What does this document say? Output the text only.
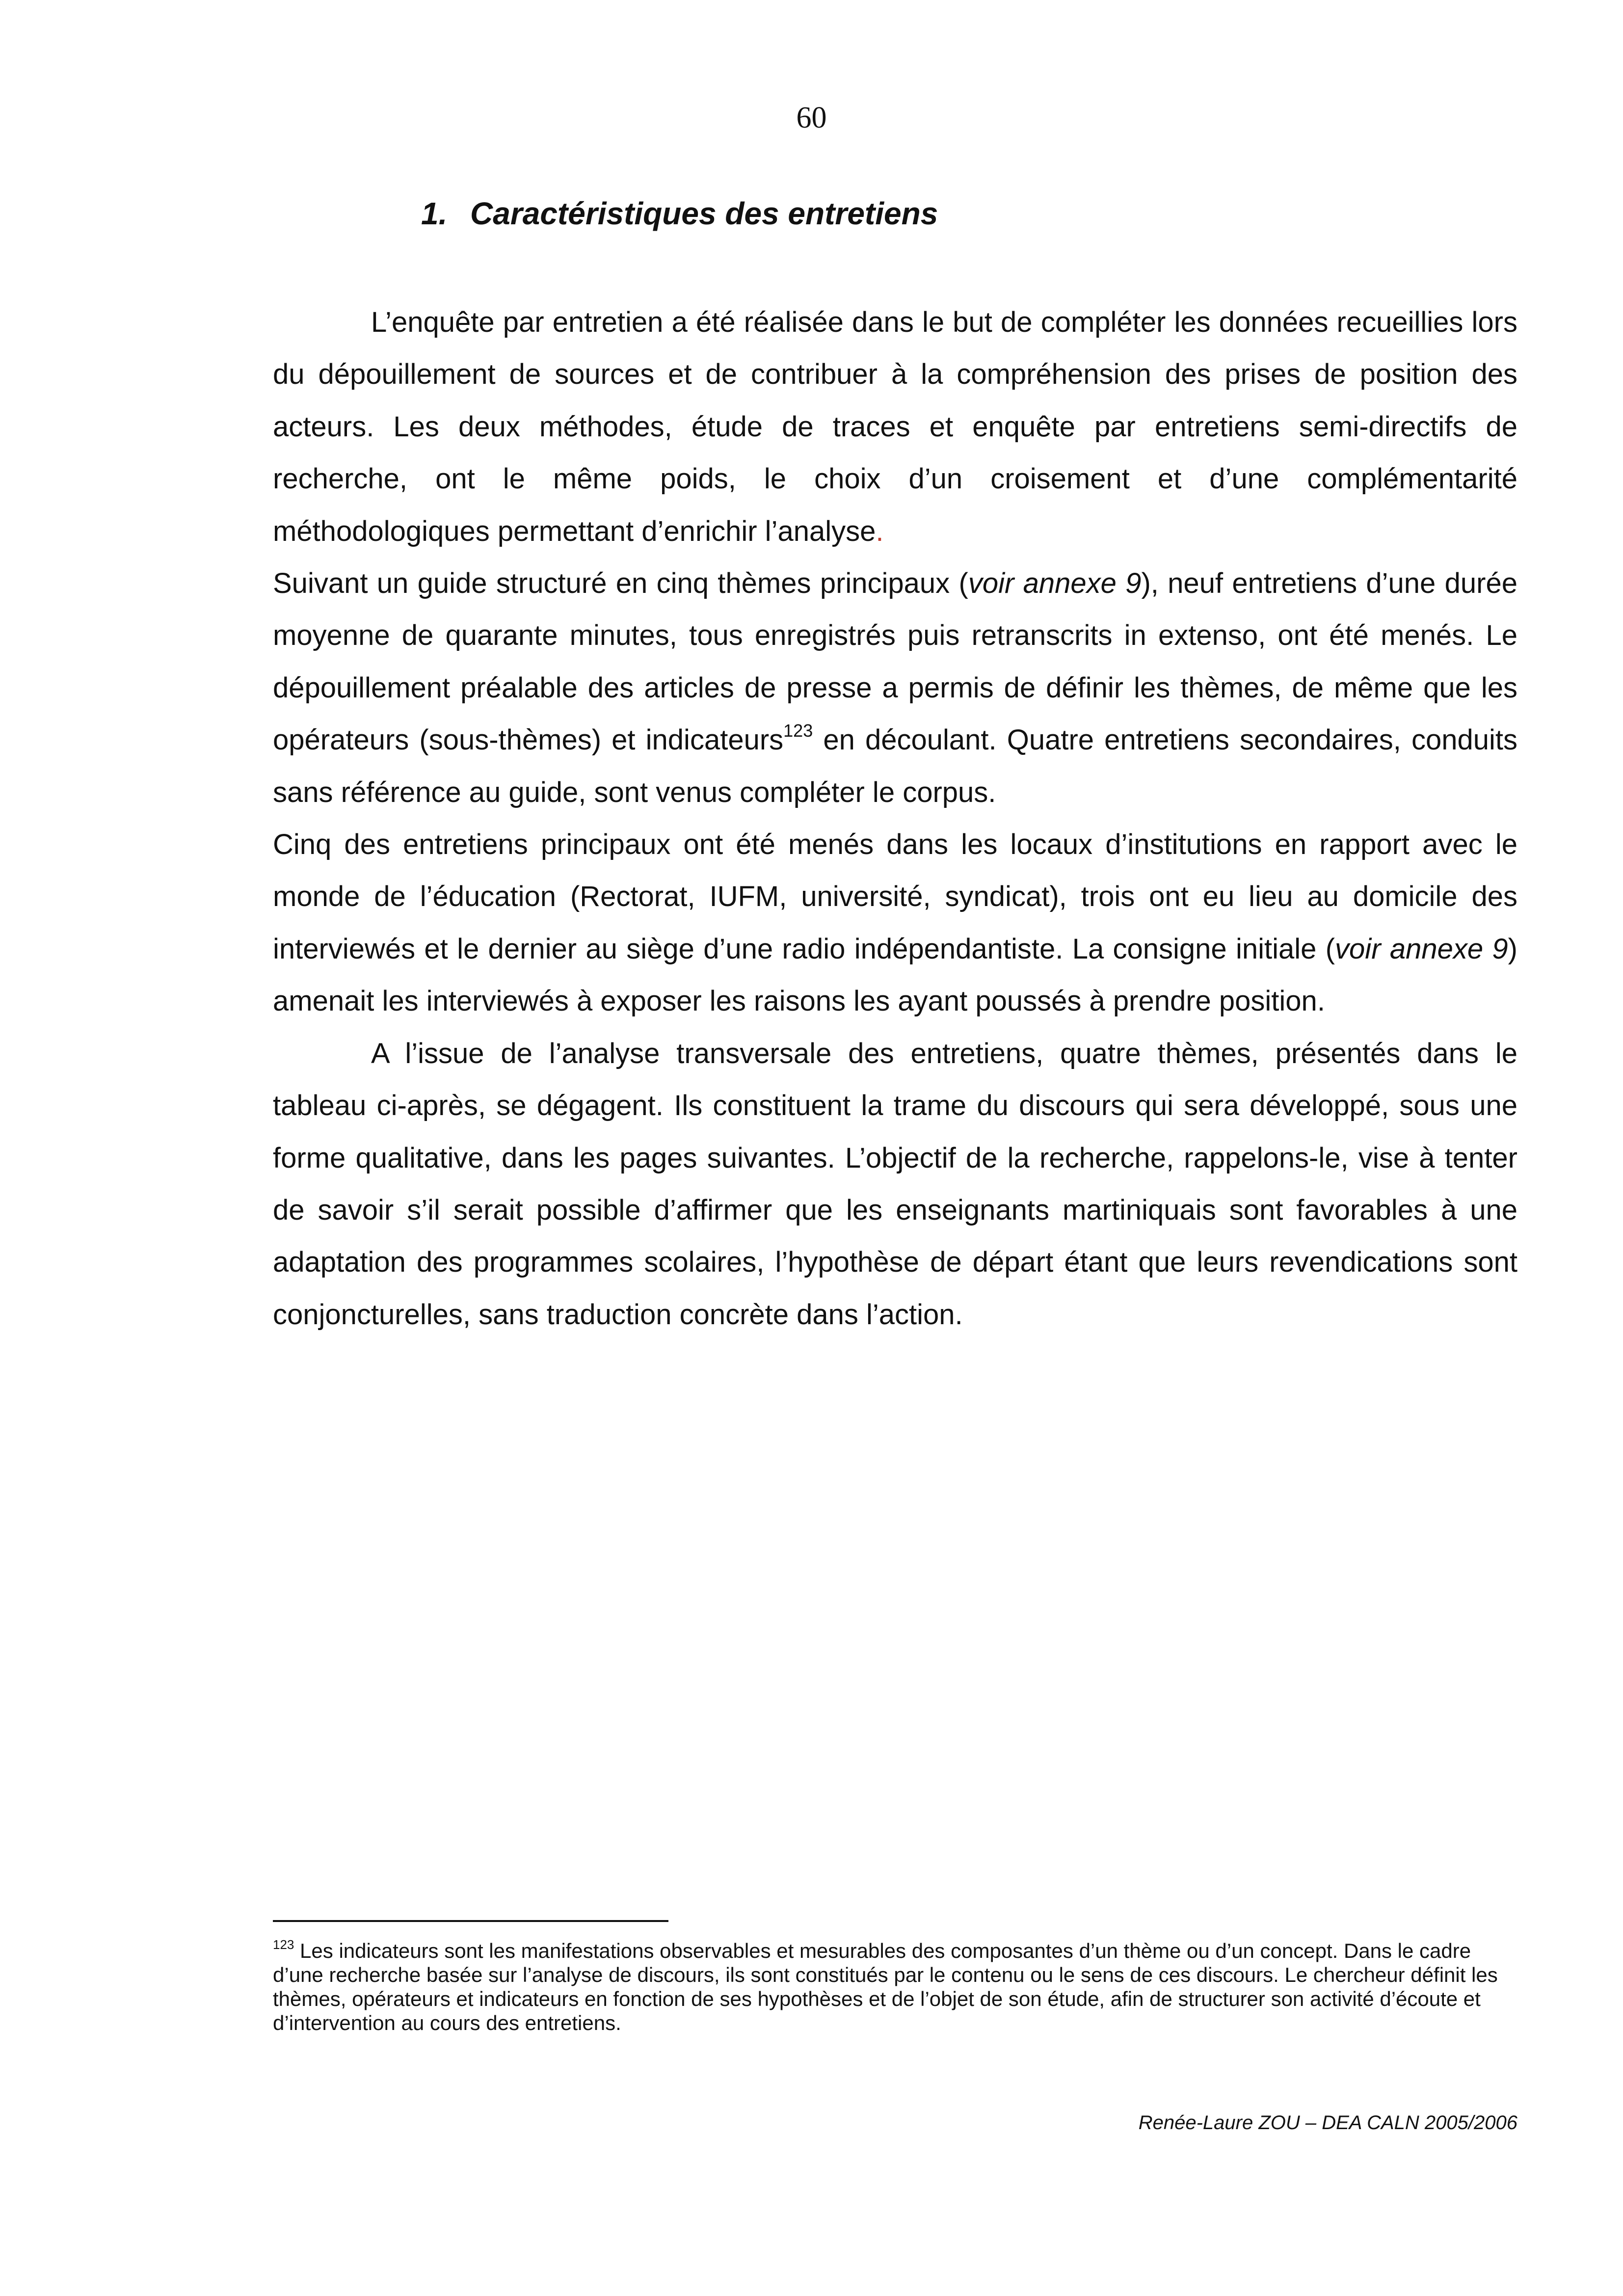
60
1. Caractéristiques des entretiens

L’enquête par entretien a été réalisée dans le but de compléter les données recueillies lors du dépouillement de sources et de contribuer à la compréhension des prises de position des acteurs. Les deux méthodes, étude de traces et enquête par entretiens semi-directifs de recherche, ont le même poids, le choix d’un croisement et d’une complémentarité méthodologiques permettant d’enrichir l’analyse.

Suivant un guide structuré en cinq thèmes principaux (voir annexe 9), neuf entretiens d’une durée moyenne de quarante minutes, tous enregistrés puis retranscrits in extenso, ont été menés. Le dépouillement préalable des articles de presse a permis de définir les thèmes, de même que les opérateurs (sous-thèmes) et indicateurs$^{123}$ en découlant. Quatre entretiens secondaires, conduits sans référence au guide, sont venus compléter le corpus.

Cinq des entretiens principaux ont été menés dans les locaux d’institutions en rapport avec le monde de l’éducation (Rectorat, IUFM, université, syndicat), trois ont eu lieu au domicile des interviewés et le dernier au siège d’une radio indépendantiste. La consigne initiale (voir annexe 9) amenait les interviewés à exposer les raisons les ayant poussés à prendre position.

A l’issue de l’analyse transversale des entretiens, quatre thèmes, présentés dans le tableau ci-après, se dégagent. Ils constituent la trame du discours qui sera développé, sous une forme qualitative, dans les pages suivantes. L’objectif de la recherche, rappelons-le, vise à tenter de savoir s’il serait possible d’affirmer que les enseignants martiniquais sont favorables à une adaptation des programmes scolaires, l’hypothèse de départ étant que leurs revendications sont conjoncturelles, sans traduction concrète dans l’action.

$^{123}$ Les indicateurs sont les manifestations observables et mesurables des composantes d’un thème ou d’un concept. Dans le cadre d’une recherche basée sur l’analyse de discours, ils sont constitués par le contenu ou le sens de ces discours. Le chercheur définit les thèmes, opérateurs et indicateurs en fonction de ses hypothèses et de l’objet de son étude, afin de structurer son activité d’écoute et d’intervention au cours des entretiens.
Renée-Laure ZOU – DEA CALN 2005/2006
